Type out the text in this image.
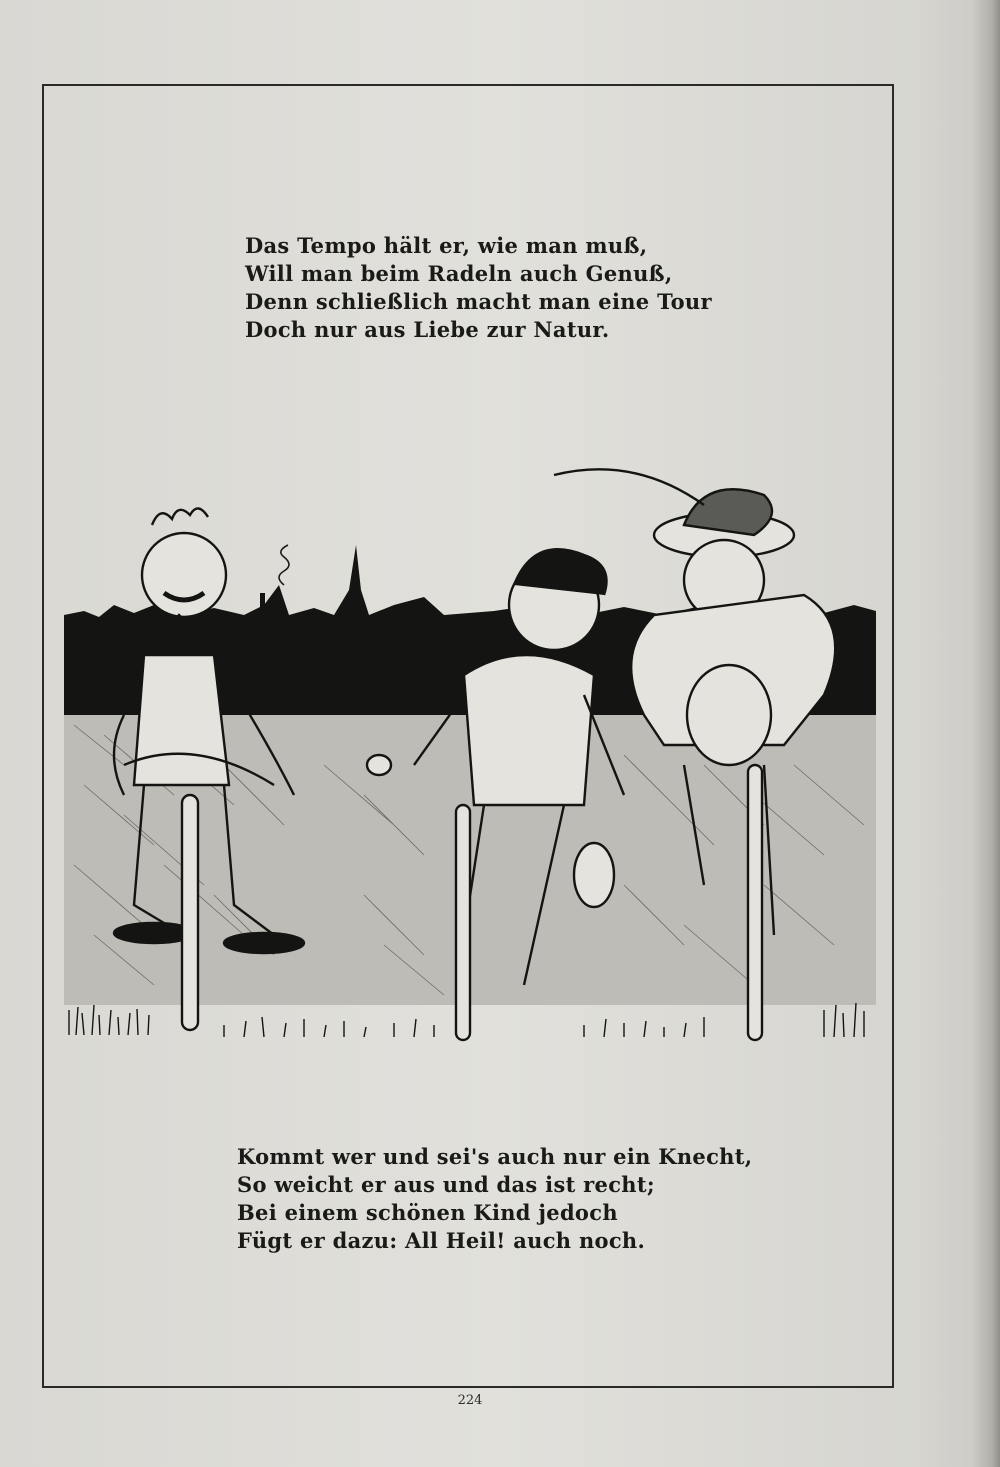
Das Tempo hält er, wie man muß,
Will man beim Radeln auch Genuß,
Denn schließlich macht man eine Tour
Doch nur aus Liebe zur Natur.
Kommt wer und sei's auch nur ein Knecht,
So weicht er aus und das ist recht;
Bei einem schönen Kind jedoch
Fügt er dazu: All Heil! auch noch.
224
